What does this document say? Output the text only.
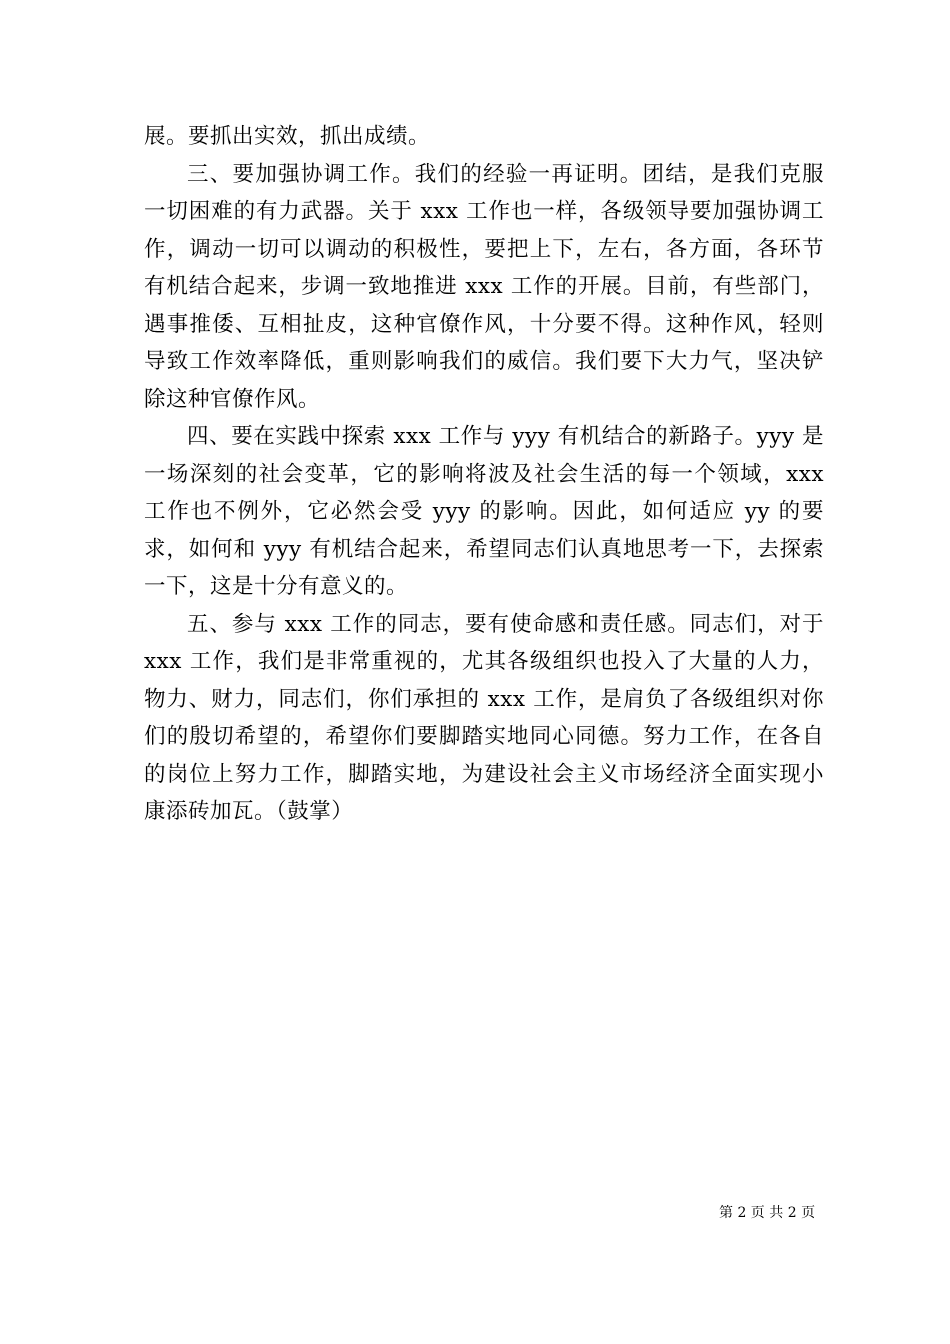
展。要抓出实效，抓出成绩。

三、要加强协调工作。我们的经验一再证明。团结，是我们克服一切困难的有力武器。关于 xxx 工作也一样，各级领导要加强协调工作，调动一切可以调动的积极性，要把上下，左右，各方面，各环节有机结合起来，步调一致地推进 xxx 工作的开展。目前，有些部门，遇事推倭、互相扯皮，这种官僚作风，十分要不得。这种作风，轻则导致工作效率降低，重则影响我们的威信。我们要下大力气，坚决铲除这种官僚作风。

四、要在实践中探索 xxx 工作与 yyy 有机结合的新路子。yyy 是一场深刻的社会变革，它的影响将波及社会生活的每一个领域，xxx 工作也不例外，它必然会受 yyy 的影响。因此，如何适应 yy 的要求，如何和 yyy 有机结合起来，希望同志们认真地思考一下，去探索一下，这是十分有意义的。

五、参与 xxx 工作的同志，要有使命感和责任感。同志们，对于 xxx 工作，我们是非常重视的，尤其各级组织也投入了大量的人力，物力、财力，同志们，你们承担的 xxx 工作，是肩负了各级组织对你们的殷切希望的，希望你们要脚踏实地同心同德。努力工作，在各自的岗位上努力工作，脚踏实地，为建设社会主义市场经济全面实现小康添砖加瓦。（鼓掌）

第 2 页 共 2 页
